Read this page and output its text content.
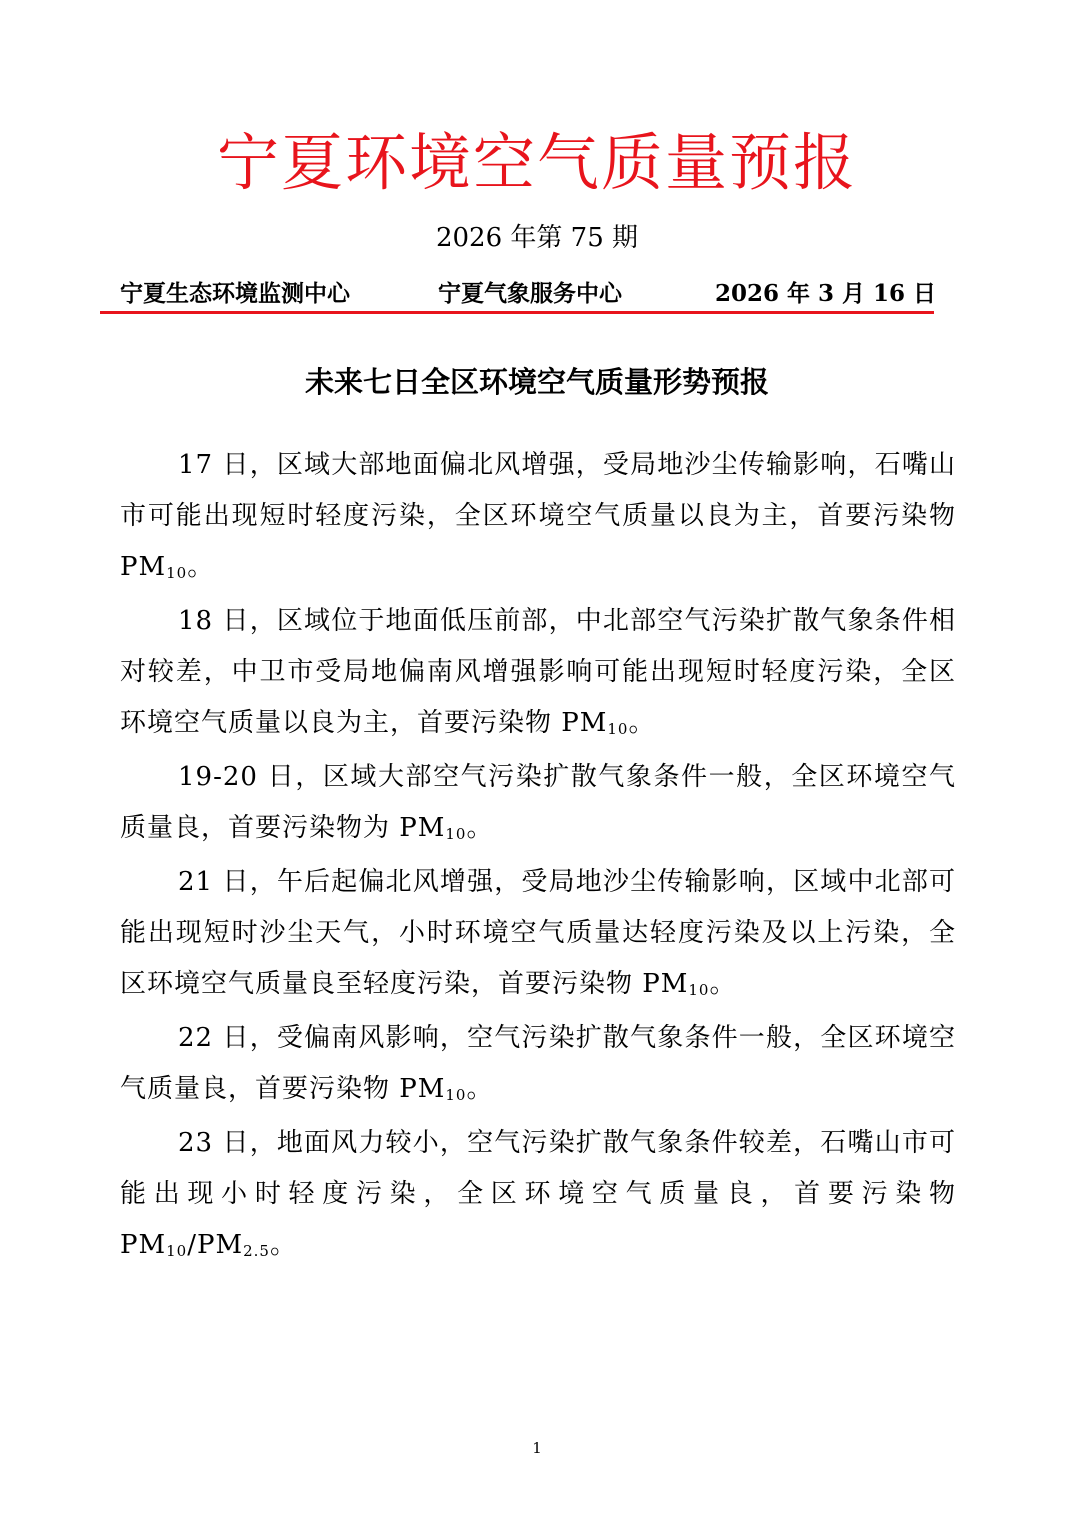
宁夏环境空气质量预报
2026 年第 75 期
宁夏生态环境监测中心	宁夏气象服务中心	2026 年 3 月 16 日
未来七日全区环境空气质量形势预报

17 日，区域大部地面偏北风增强，受局地沙尘传输影响，石嘴山市可能出现短时轻度污染，全区环境空气质量以良为主，首要污染物 $PM_{10}$。

18 日，区域位于地面低压前部，中北部空气污染扩散气象条件相对较差，中卫市受局地偏南风增强影响可能出现短时轻度污染，全区环境空气质量以良为主，首要污染物 $PM_{10}$。

19-20 日，区域大部空气污染扩散气象条件一般，全区环境空气质量良，首要污染物为 $PM_{10}$。

21 日，午后起偏北风增强，受局地沙尘传输影响，区域中北部可能出现短时沙尘天气，小时环境空气质量达轻度污染及以上污染，全区环境空气质量良至轻度污染，首要污染物 $PM_{10}$。

22 日，受偏南风影响，空气污染扩散气象条件一般，全区环境空气质量良，首要污染物 $PM_{10}$。

23 日，地面风力较小，空气污染扩散气象条件较差，石嘴山市可能出现小时轻度污染，全区环境空气质量良，首要污染物 $PM_{10}/PM_{2.5}$。

1
